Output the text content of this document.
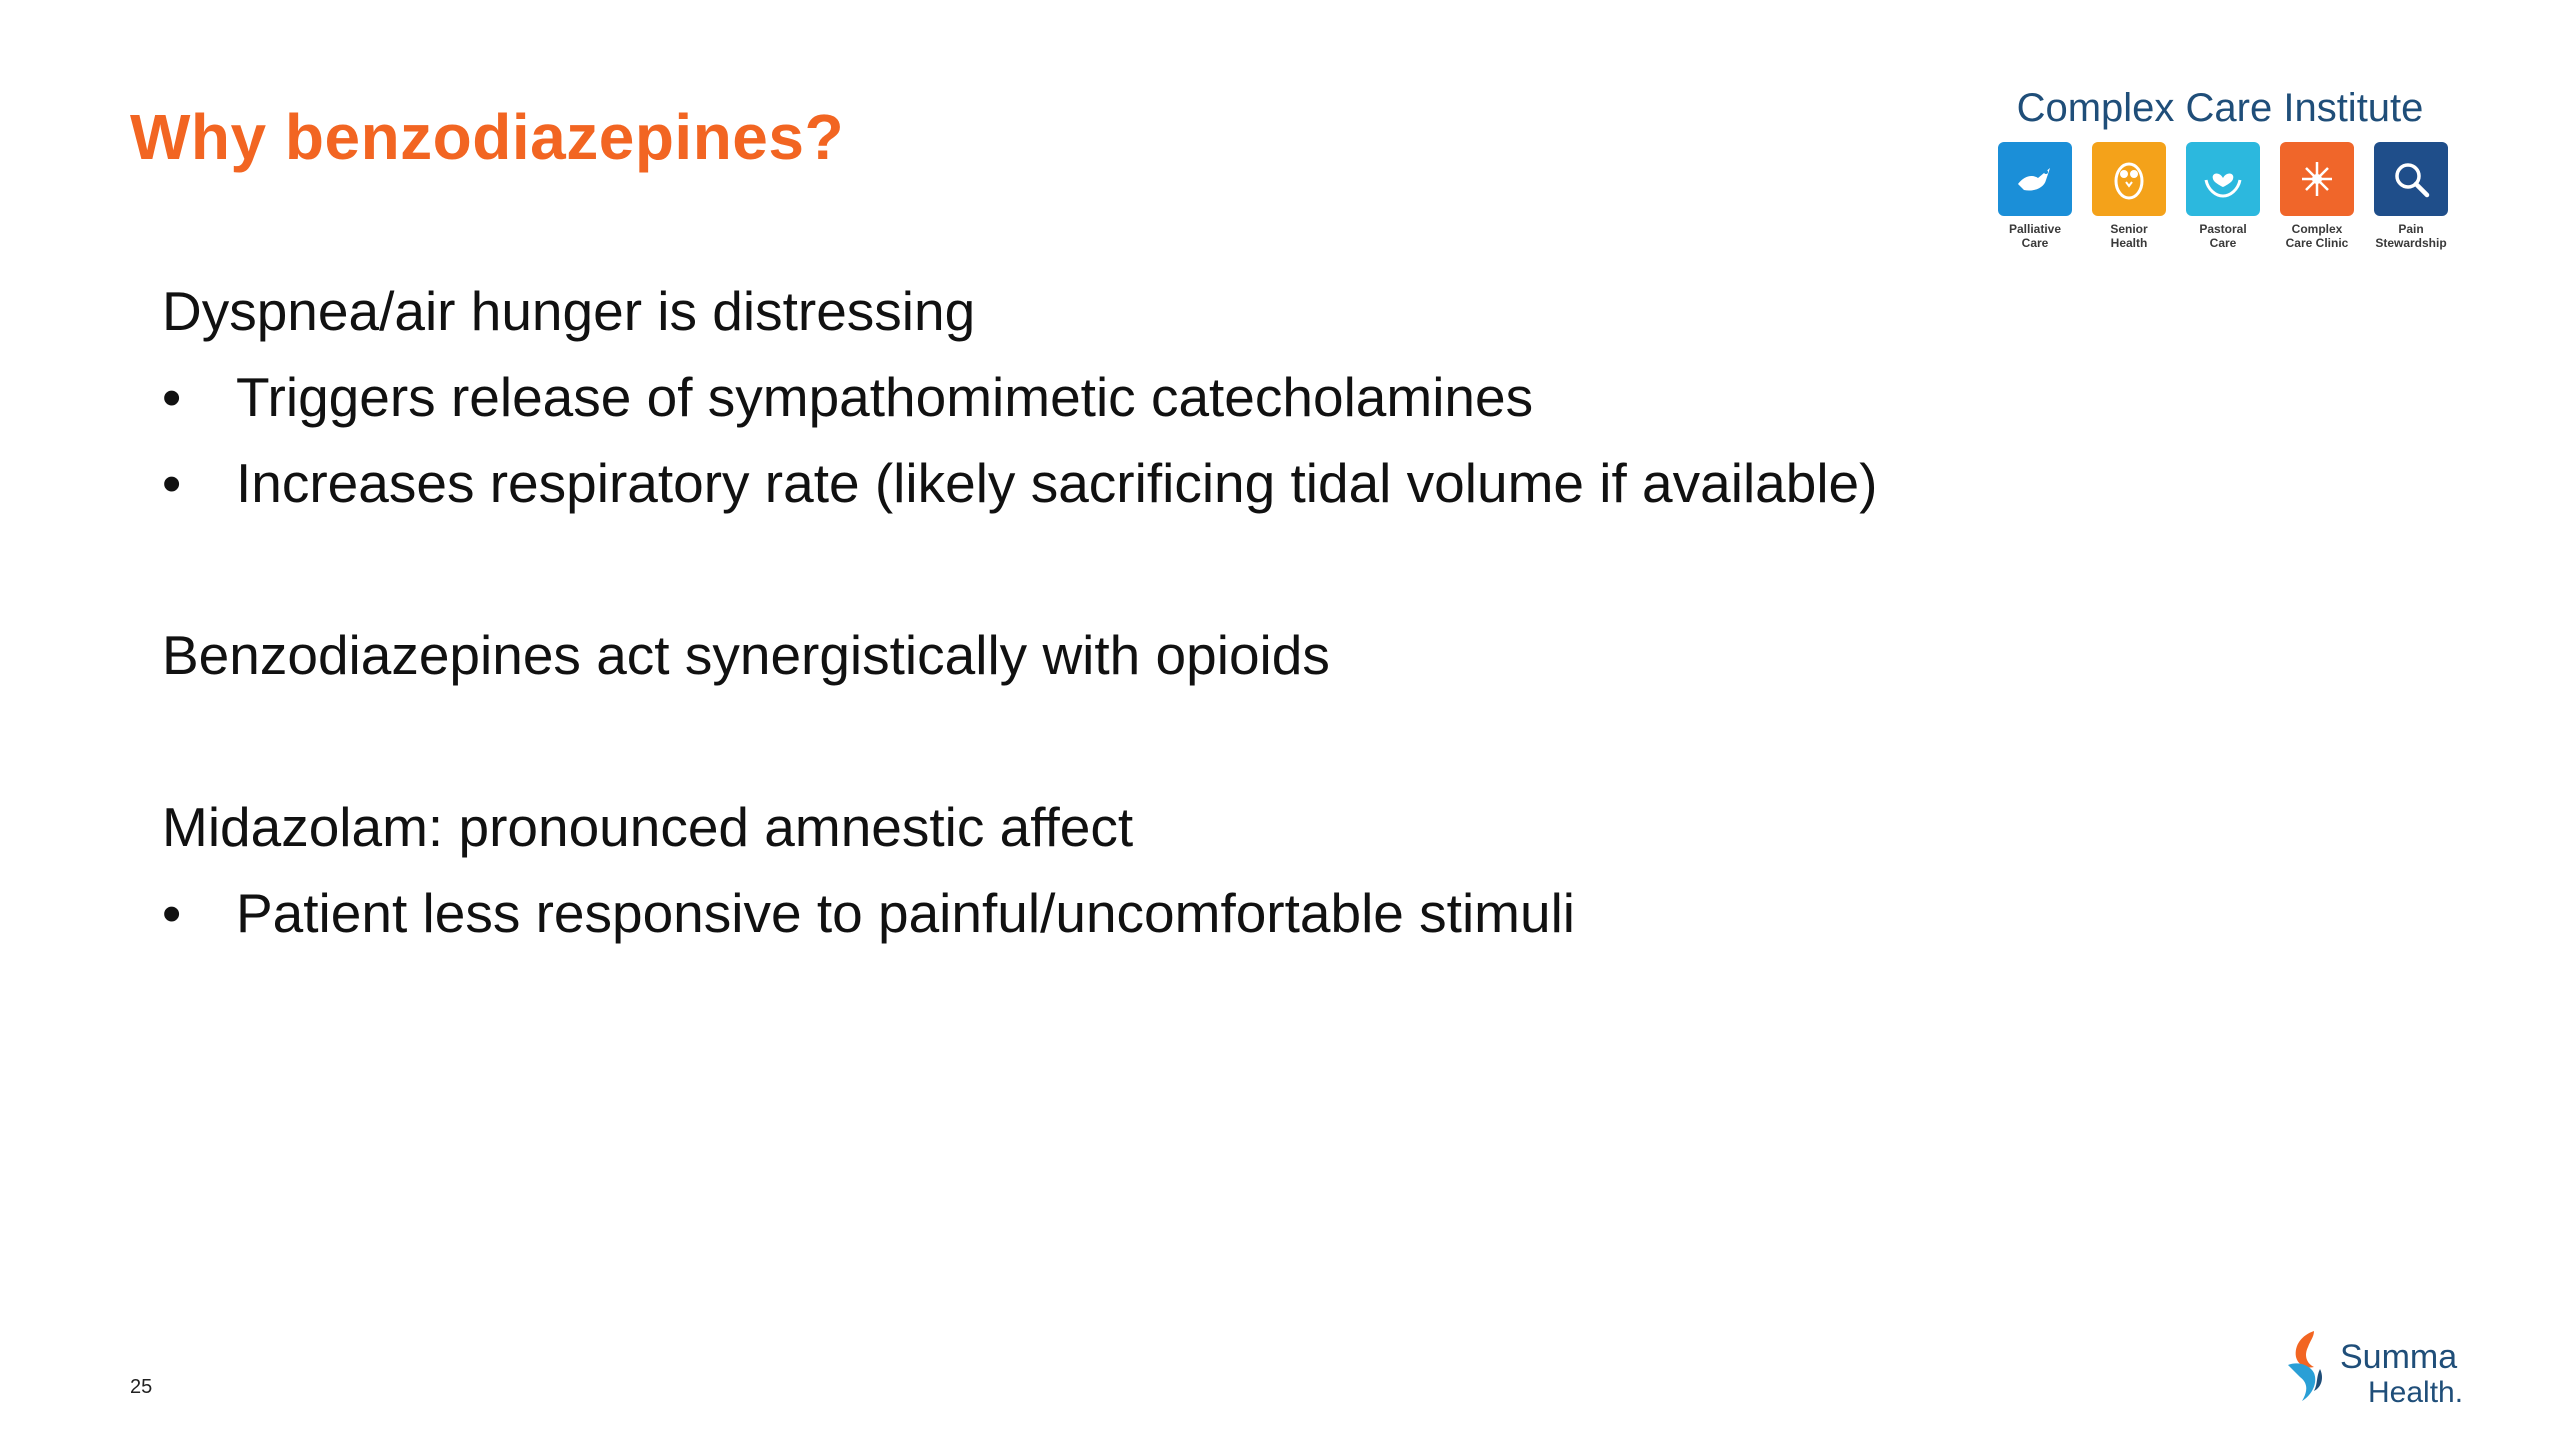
Why benzodiazepines?	Complex Care Institute
Palliative
Care
Senior
Health
Pastoral
Care
Complex
Care Clinic
Pain
Stewardship

Dyspnea/air hunger is distressing

• Triggers release of sympathomimetic catecholamines
• Increases respiratory rate (likely sacrificing tidal volume if available)

Benzodiazepines act synergistically with opioids

Midazolam: pronounced amnestic affect

• Patient less responsive to painful/uncomfortable stimuli
25
Summa
Health.
